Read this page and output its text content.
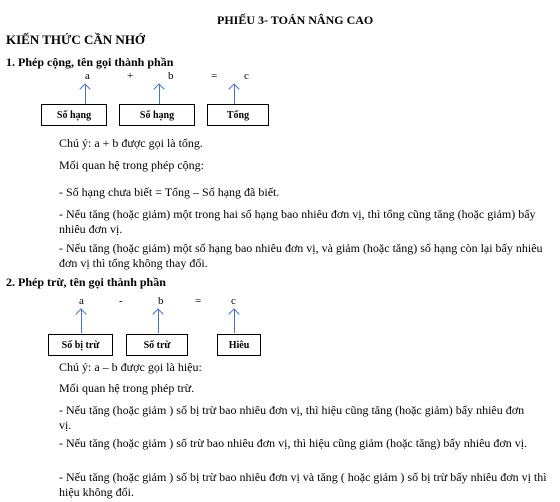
PHIẾU 3- TOÁN NÂNG CAO
KIẾN THỨC CẦN NHỚ
1. Phép cộng, tên gọi thành phần
a	+	b	= c
Số hạng	Số hạng	Tổng
Chú ý: a + b được gọi là tổng.
Mối quan hệ trong phép cộng:
- Số hạng chưa biết = Tổng – Số hạng đã biết.
- Nếu tăng (hoặc giảm) một trong hai số hạng bao nhiêu đơn vị, thì tổng cũng tăng (hoặc giảm) bấy nhiêu đơn vị.
- Nếu tăng (hoặc giảm) một số hạng bao nhiêu đơn vị, và giảm (hoặc tăng) số hạng còn lại bấy nhiêu đơn vị thì tổng không thay đổi.
2. Phép trừ, tên gọi thành phần
a	-	b	=	c
Số bị trừ	Số trừ	Hiêu
Chú ý: a – b được gọi là hiệu:
Mối quan hệ trong phép trừ.
- Nếu tăng (hoặc giảm ) số bị trừ bao nhiêu đơn vị, thì hiệu cũng tăng (hoặc giảm) bấy nhiêu đơn vị.
- Nếu tăng (hoặc giảm ) số trừ bao nhiêu đơn vị, thì hiệu cũng giảm (hoặc tăng) bấy nhiêu đơn vị.
- Nếu tăng (hoặc giảm ) số bị trừ bao nhiêu đơn vị và tăng ( hoặc giảm ) số bị trừ bấy nhiêu đơn vị thì hiệu không đổi.
